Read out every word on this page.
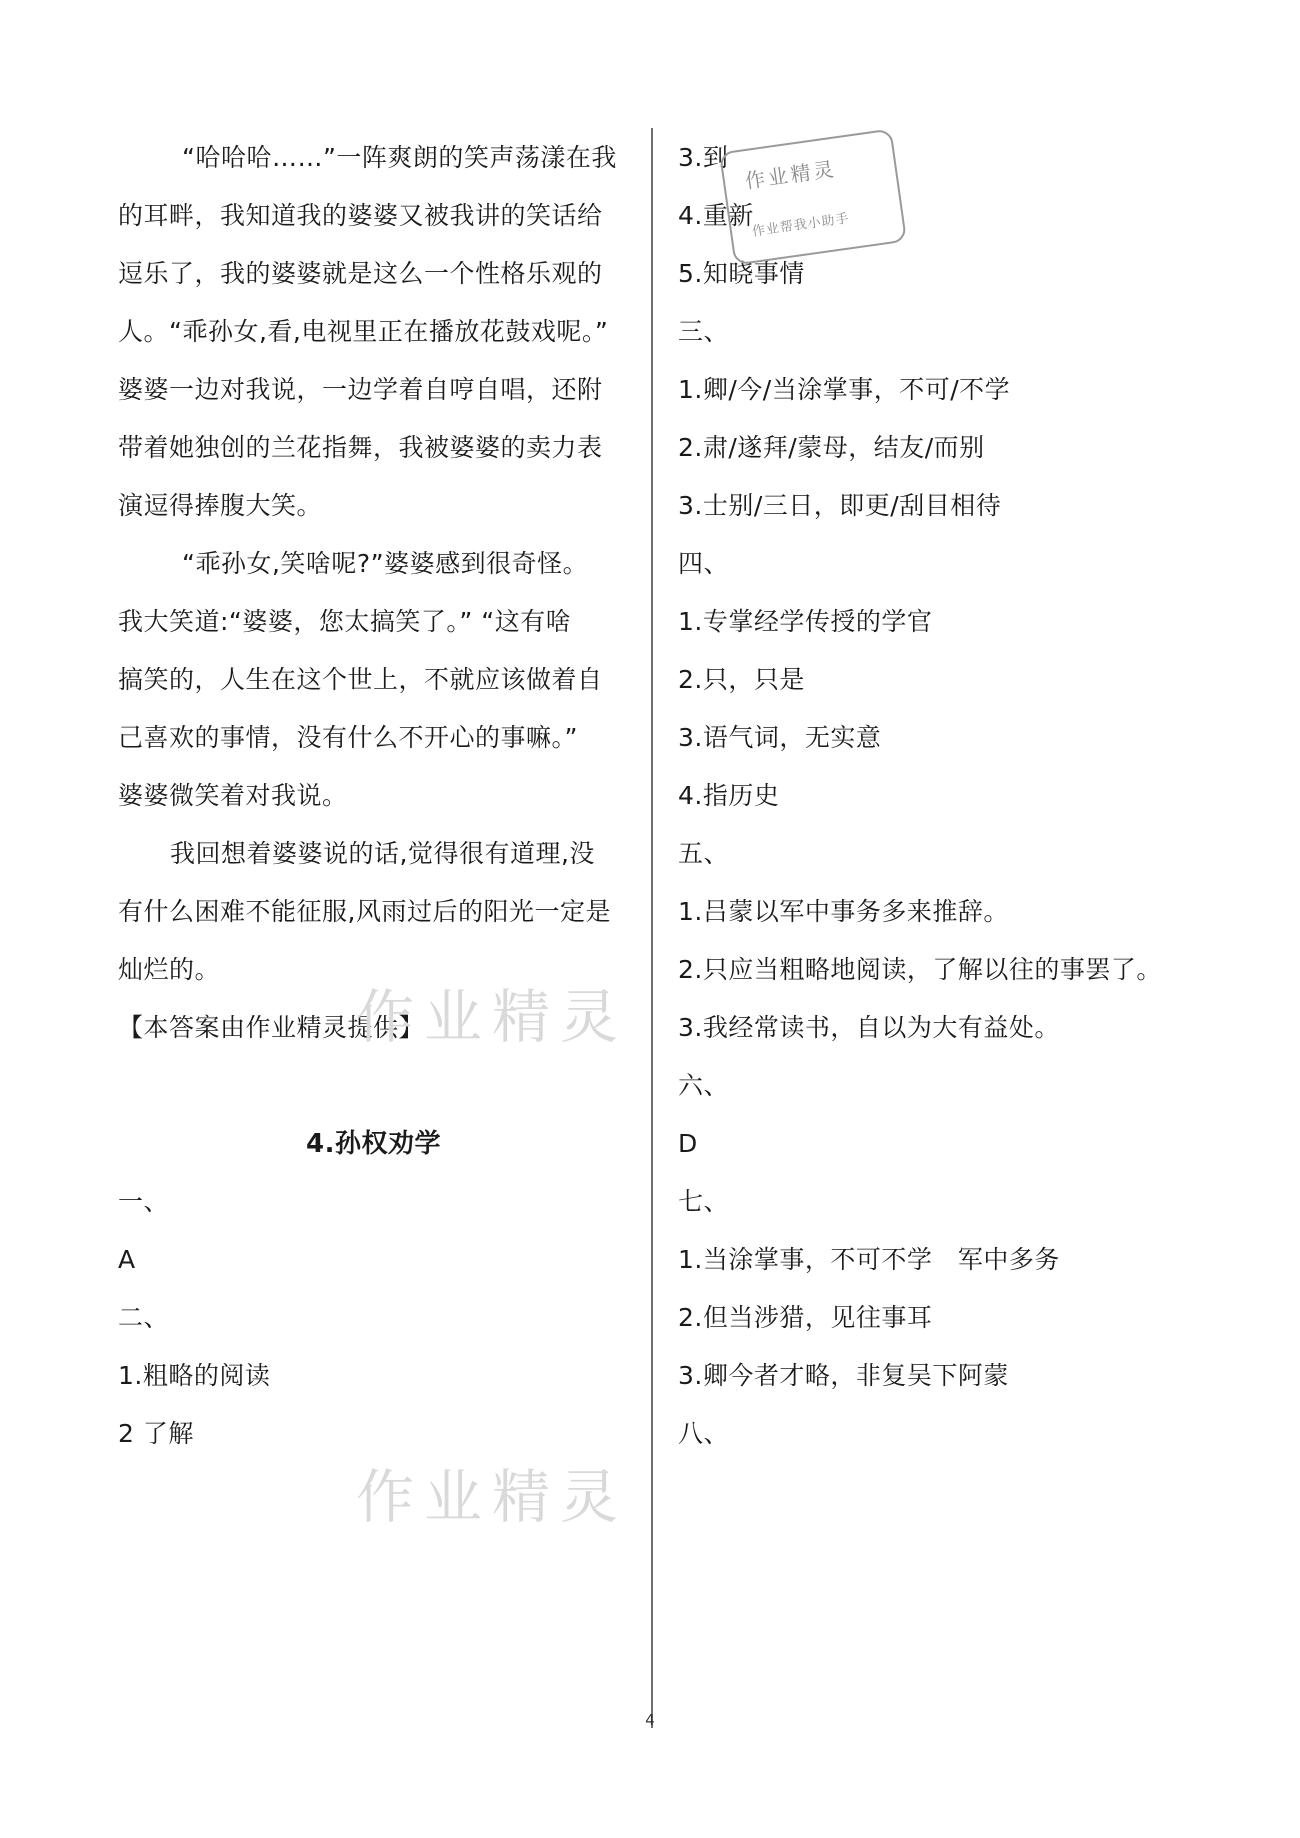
“哈哈哈……”一阵爽朗的笑声荡漾在我
的耳畔，我知道我的婆婆又被我讲的笑话给
逗乐了，我的婆婆就是这么一个性格乐观的
人。“乖孙女,看,电视里正在播放花鼓戏呢。”
婆婆一边对我说，一边学着自哼自唱，还附
带着她独创的兰花指舞，我被婆婆的卖力表
演逗得捧腹大笑。
“乖孙女,笑啥呢?”婆婆感到很奇怪。
我大笑道:“婆婆，您太搞笑了。” “这有啥
搞笑的，人生在这个世上，不就应该做着自
己喜欢的事情，没有什么不开心的事嘛。”
婆婆微笑着对我说。
我回想着婆婆说的话,觉得很有道理,没
有什么困难不能征服,风雨过后的阳光一定是
灿烂的。
【本答案由作业精灵提供】
4.孙权劝学
一、
A
二、
1.粗略的阅读
2 了解
3.到
4.重新
5.知晓事情
三、
1.卿/今/当涂掌事，不可/不学
2.肃/遂拜/蒙母，结友/而别
3.士别/三日，即更/刮目相待
四、
1.专掌经学传授的学官
2.只，只是
3.语气词，无实意
4.指历史
五、
1.吕蒙以军中事务多来推辞。
2.只应当粗略地阅读，了解以往的事罢了。
3.我经常读书，自以为大有益处。
六、
D
七、
1.当涂掌事，不可不学　军中多务
2.但当涉猎，见往事耳
3.卿今者才略，非复吴下阿蒙
八、
作业精灵
作业帮我小助手
作业精灵
作业精灵
4
